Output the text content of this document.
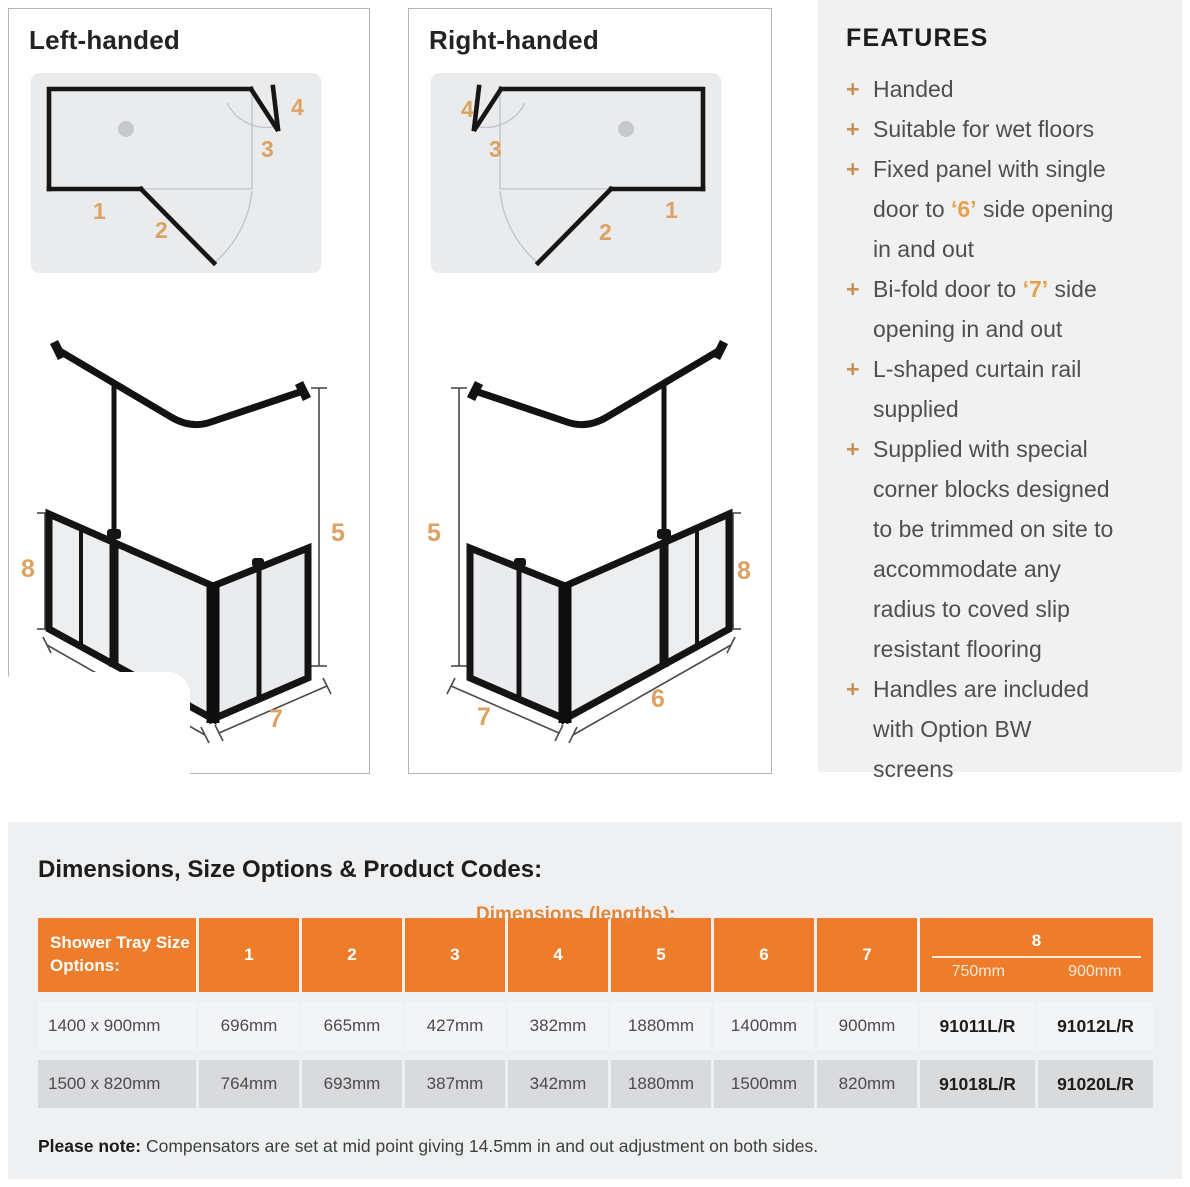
Left-handed
1
2
3
4
5
8
7
Right-handed
4
3
2
1
5
8
7
6
FEATURES
+ Handed
+ Suitable for wet floors
+ Fixed panel with single door to ‘6’ side opening in and out
+ Bi-fold door to ‘7’ side opening in and out
+ L-shaped curtain rail supplied
+ Supplied with special corner blocks designed to be trimmed on site to accommodate any radius to coved slip resistant flooring
+ Handles are included with Option BW screens
Dimensions, Size Options & Product Codes:
Dimensions (lengths):
Shower Tray Size Options:	1	2	3	4	5	6	7	8
750mm 900mm	

1400 x 900mm	696mm	665mm	427mm	382mm	1880mm	1400mm	900mm	91011L/R	91012L/R
1500 x 820mm	764mm	693mm	387mm	342mm	1880mm	1500mm	820mm	91018L/R	91020L/R
Please note: Compensators are set at mid point giving 14.5mm in and out adjustment on both sides.
